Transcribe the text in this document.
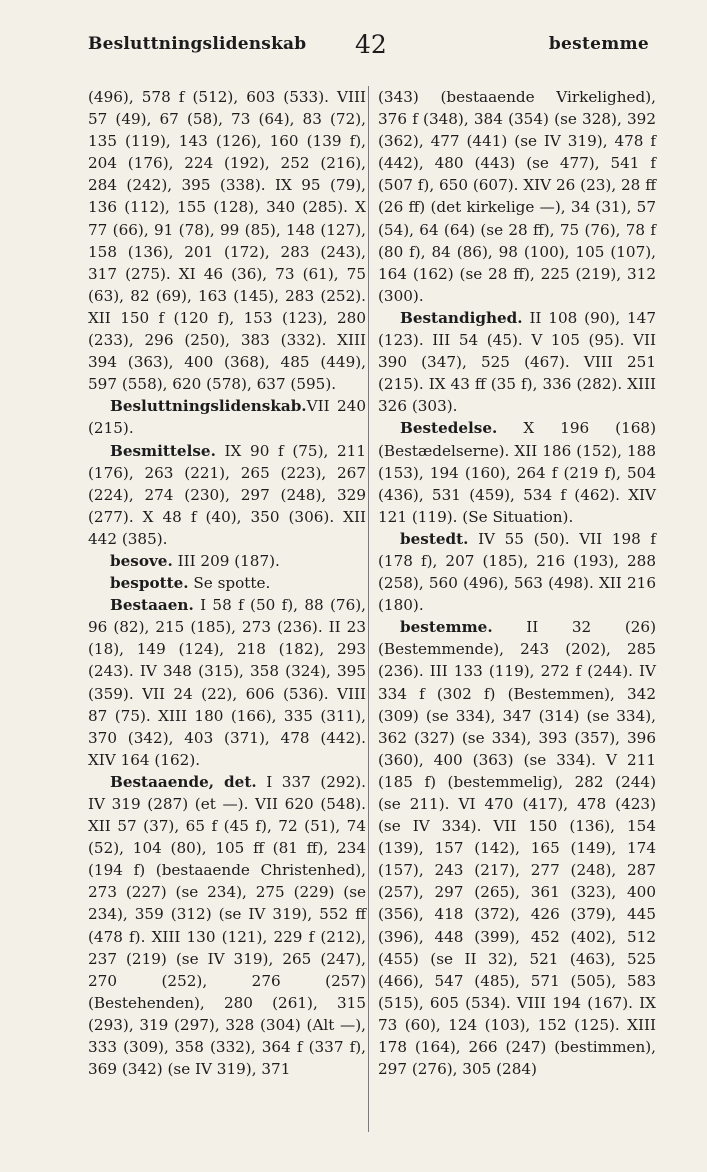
Besluttningslidenskab 42	bestemme

(496), 578 f (512), 603 (533). VIII 57 (49), 67 (58), 73 (64), 83 (72), 135 (119), 143 (126), 160 (139 f), 204 (176), 224 (192), 252 (216), 284 (242), 395 (338). IX 95 (79), 136 (112), 155 (128), 340 (285). X 77 (66), 91 (78), 99 (85), 148 (127), 158 (136), 201 (172), 283 (243), 317 (275). XI 46 (36), 73 (61), 75 (63), 82 (69), 163 (145), 283 (252). XII 150 f (120 f), 153 (123), 280 (233), 296 (250), 383 (332). XIII 394 (363), 400 (368), 485 (449), 597 (558), 620 (578), 637 (595).

Besluttningslidenskab.VII 240 (215).

Besmittelse. IX 90 f (75), 211 (176), 263 (221), 265 (223), 267 (224), 274 (230), 297 (248), 329 (277). X 48 f (40), 350 (306). XII 442 (385).

besove. III 209 (187).

bespotte. Se spotte.

Bestaaen. I 58 f (50 f), 88 (76), 96 (82), 215 (185), 273 (236). II 23 (18), 149 (124), 218 (182), 293 (243). IV 348 (315), 358 (324), 395 (359). VII 24 (22), 606 (536). VIII 87 (75). XIII 180 (166), 335 (311), 370 (342), 403 (371), 478 (442). XIV 164 (162).

Bestaaende, det. I 337 (292). IV 319 (287) (et —). VII 620 (548). XII 57 (37), 65 f (45 f), 72 (51), 74 (52), 104 (80), 105 ff (81 ff), 234 (194 f) (bestaaende Christenhed), 273 (227) (se 234), 275 (229) (se 234), 359 (312) (se IV 319), 552 ff (478 f). XIII 130 (121), 229 f (212), 237 (219) (se IV 319), 265 (247), 270 (252), 276 (257) (Bestehenden), 280 (261), 315 (293), 319 (297), 328 (304) (Alt —), 333 (309), 358 (332), 364 f (337 f), 369 (342) (se IV 319), 371

(343) (bestaaende Virkelighed), 376 f (348), 384 (354) (se 328), 392 (362), 477 (441) (se IV 319), 478 f (442), 480 (443) (se 477), 541 f (507 f), 650 (607). XIV 26 (23), 28 ff (26 ff) (det kirkelige —), 34 (31), 57 (54), 64 (64) (se 28 ff), 75 (76), 78 f (80 f), 84 (86), 98 (100), 105 (107), 164 (162) (se 28 ff), 225 (219), 312 (300).

Bestandighed. II 108 (90), 147 (123). III 54 (45). V 105 (95). VII 390 (347), 525 (467). VIII 251 (215). IX 43 ff (35 f), 336 (282). XIII 326 (303).

Bestedelse. X 196 (168) (Bestædelserne). XII 186 (152), 188 (153), 194 (160), 264 f (219 f), 504 (436), 531 (459), 534 f (462). XIV 121 (119). (Se Situation).

bestedt. IV 55 (50). VII 198 f (178 f), 207 (185), 216 (193), 288 (258), 560 (496), 563 (498). XII 216 (180).

bestemme. II 32 (26) (Bestemmende), 243 (202), 285 (236). III 133 (119), 272 f (244). IV 334 f (302 f) (Bestemmen), 342 (309) (se 334), 347 (314) (se 334), 362 (327) (se 334), 393 (357), 396 (360), 400 (363) (se 334). V 211 (185 f) (bestemmelig), 282 (244) (se 211). VI 470 (417), 478 (423) (se IV 334). VII 150 (136), 154 (139), 157 (142), 165 (149), 174 (157), 243 (217), 277 (248), 287 (257), 297 (265), 361 (323), 400 (356), 418 (372), 426 (379), 445 (396), 448 (399), 452 (402), 512 (455) (se II 32), 521 (463), 525 (466), 547 (485), 571 (505), 583 (515), 605 (534). VIII 194 (167). IX 73 (60), 124 (103), 152 (125). XIII 178 (164), 266 (247) (bestimmen), 297 (276), 305 (284)
